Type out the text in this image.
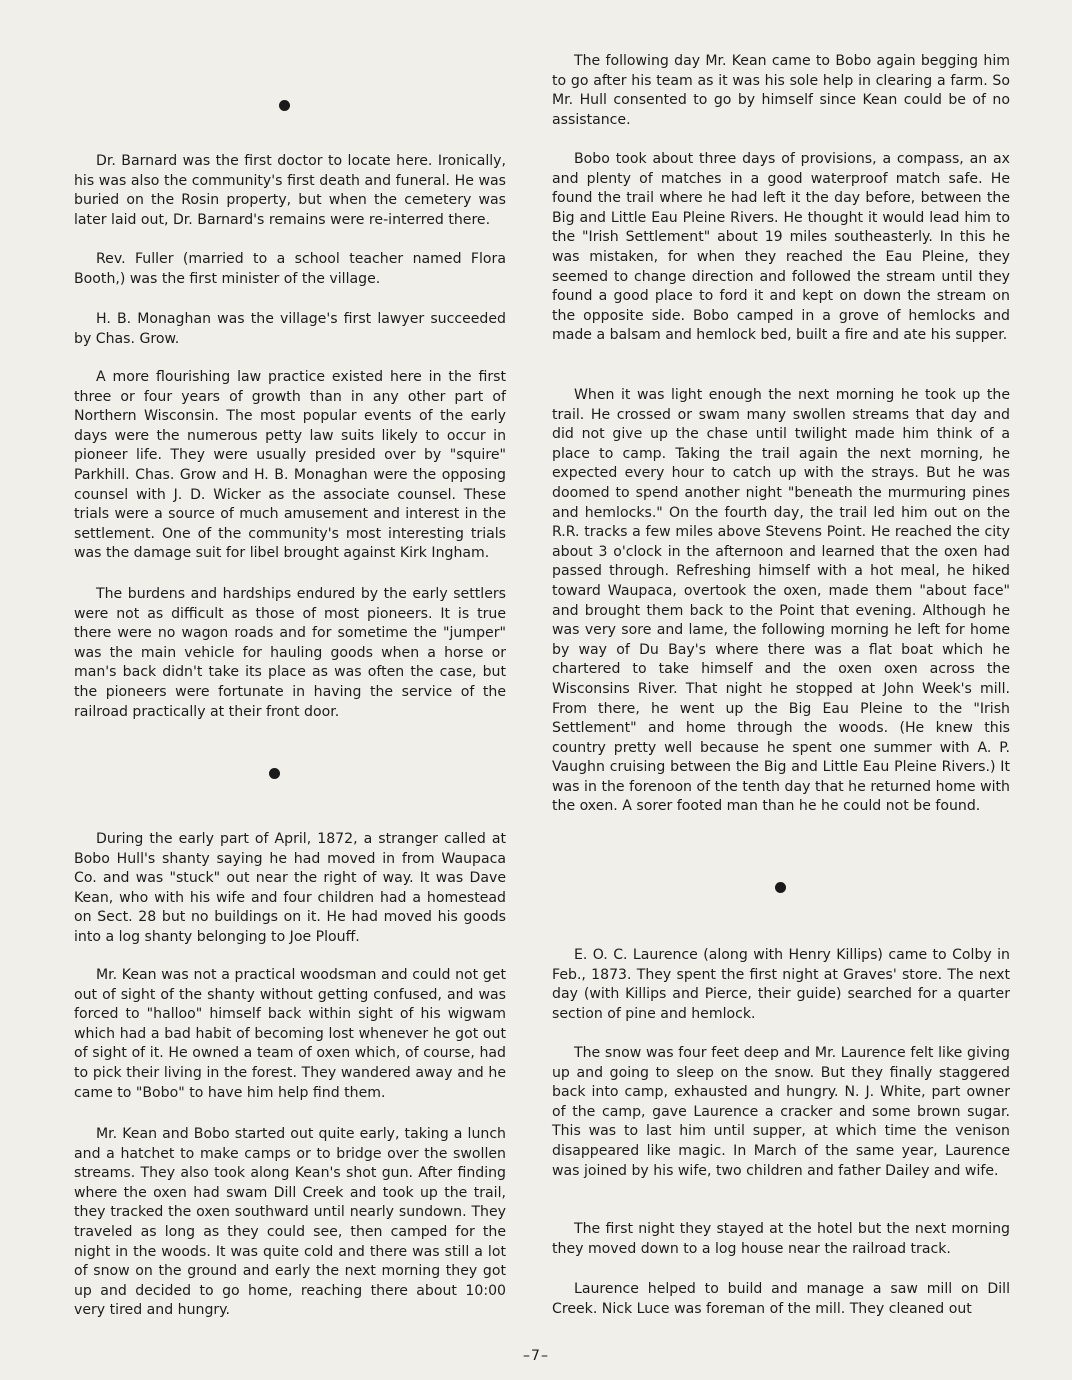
Dr. Barnard was the first doctor to locate here. Ironically, his was also the community's first death and funeral. He was buried on the Rosin property, but when the cemetery was later laid out, Dr. Barnard's remains were re-interred there.

Rev. Fuller (married to a school teacher named Flora Booth,) was the first minister of the village.

H. B. Monaghan was the village's first lawyer succeeded by Chas. Grow.

A more flourishing law practice existed here in the first three or four years of growth than in any other part of Northern Wisconsin. The most popular events of the early days were the numerous petty law suits likely to occur in pioneer life. They were usually presided over by "squire" Parkhill. Chas. Grow and H. B. Monaghan were the opposing counsel with J. D. Wicker as the associate counsel. These trials were a source of much amusement and interest in the settlement. One of the community's most interesting trials was the damage suit for libel brought against Kirk Ingham.

The burdens and hardships endured by the early settlers were not as difficult as those of most pioneers. It is true there were no wagon roads and for sometime the "jumper" was the main vehicle for hauling goods when a horse or man's back didn't take its place as was often the case, but the pioneers were fortunate in having the service of the railroad practically at their front door.

During the early part of April, 1872, a stranger called at Bobo Hull's shanty saying he had moved in from Waupaca Co. and was "stuck" out near the right of way. It was Dave Kean, who with his wife and four children had a homestead on Sect. 28 but no buildings on it. He had moved his goods into a log shanty belonging to Joe Plouff.

Mr. Kean was not a practical woodsman and could not get out of sight of the shanty without getting confused, and was forced to "halloo" himself back within sight of his wigwam which had a bad habit of becoming lost whenever he got out of sight of it. He owned a team of oxen which, of course, had to pick their living in the forest. They wandered away and he came to "Bobo" to have him help find them.

Mr. Kean and Bobo started out quite early, taking a lunch and a hatchet to make camps or to bridge over the swollen streams. They also took along Kean's shot gun. After finding where the oxen had swam Dill Creek and took up the trail, they tracked the oxen southward until nearly sundown. They traveled as long as they could see, then camped for the night in the woods. It was quite cold and there was still a lot of snow on the ground and early the next morning they got up and decided to go home, reaching there about 10:00 very tired and hungry.

The following day Mr. Kean came to Bobo again begging him to go after his team as it was his sole help in clearing a farm. So Mr. Hull consented to go by himself since Kean could be of no assistance.

Bobo took about three days of provisions, a compass, an ax and plenty of matches in a good waterproof match safe. He found the trail where he had left it the day before, between the Big and Little Eau Pleine Rivers. He thought it would lead him to the "Irish Settlement" about 19 miles southeasterly. In this he was mistaken, for when they reached the Eau Pleine, they seemed to change direction and followed the stream until they found a good place to ford it and kept on down the stream on the opposite side. Bobo camped in a grove of hemlocks and made a balsam and hemlock bed, built a fire and ate his supper.

When it was light enough the next morning he took up the trail. He crossed or swam many swollen streams that day and did not give up the chase until twilight made him think of a place to camp. Taking the trail again the next morning, he expected every hour to catch up with the strays. But he was doomed to spend another night "beneath the murmuring pines and hemlocks." On the fourth day, the trail led him out on the R.R. tracks a few miles above Stevens Point. He reached the city about 3 o'clock in the afternoon and learned that the oxen had passed through. Refreshing himself with a hot meal, he hiked toward Waupaca, overtook the oxen, made them "about face" and brought them back to the Point that evening. Although he was very sore and lame, the following morning he left for home by way of Du Bay's where there was a flat boat which he chartered to take himself and the oxen oxen across the Wisconsins River. That night he stopped at John Week's mill. From there, he went up the Big Eau Pleine to the "Irish Settlement" and home through the woods. (He knew this country pretty well because he spent one summer with A. P. Vaughn cruising between the Big and Little Eau Pleine Rivers.) It was in the forenoon of the tenth day that he returned home with the oxen. A sorer footed man than he he could not be found.

E. O. C. Laurence (along with Henry Killips) came to Colby in Feb., 1873. They spent the first night at Graves' store. The next day (with Killips and Pierce, their guide) searched for a quarter section of pine and hemlock.

The snow was four feet deep and Mr. Laurence felt like giving up and going to sleep on the snow. But they finally staggered back into camp, exhausted and hungry. N. J. White, part owner of the camp, gave Laurence a cracker and some brown sugar. This was to last him until supper, at which time the venison disappeared like magic. In March of the same year, Laurence was joined by his wife, two children and father Dailey and wife.

The first night they stayed at the hotel but the next morning they moved down to a log house near the railroad track.

Laurence helped to build and manage a saw mill on Dill Creek. Nick Luce was foreman of the mill. They cleaned out

–7–
